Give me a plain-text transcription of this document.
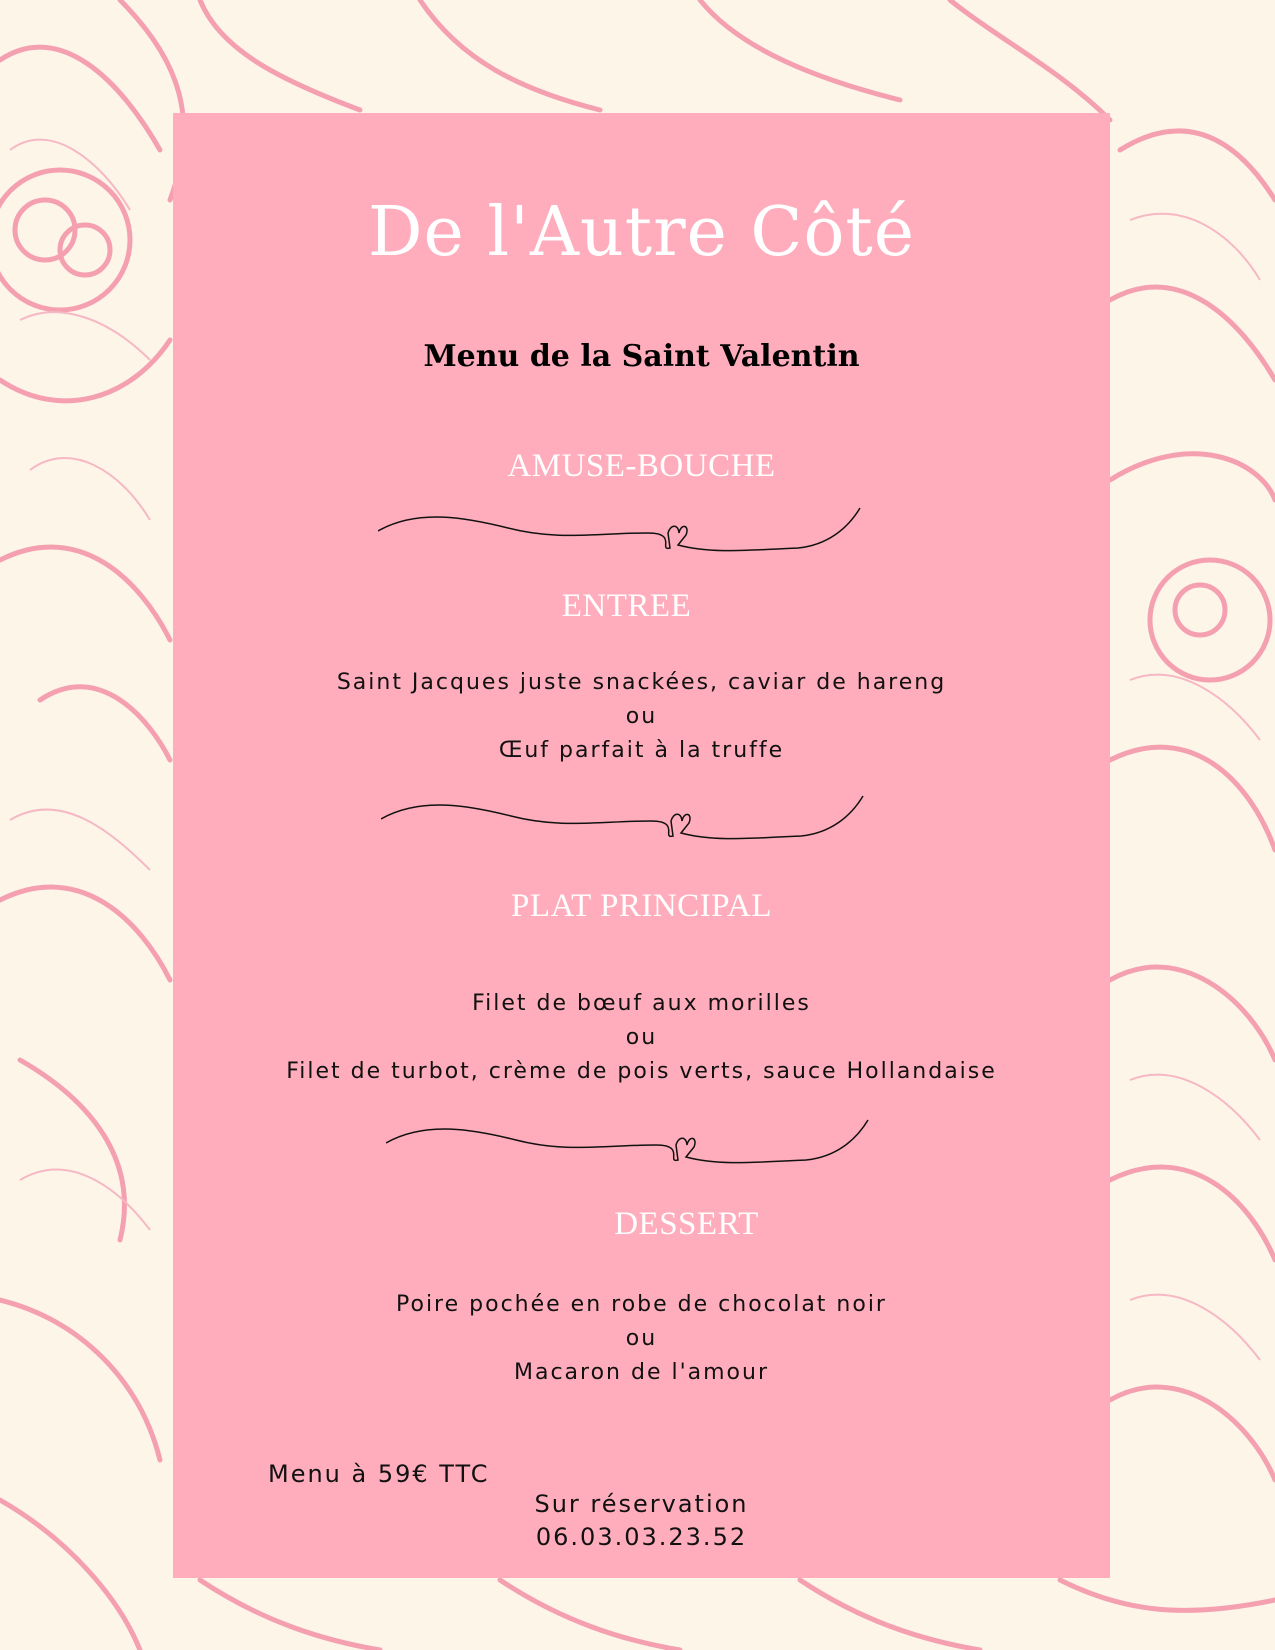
De l'Autre Côté
Menu de la Saint Valentin
AMUSE-BOUCHE
ENTREE
Saint Jacques juste snackées, caviar de hareng
ou
Œuf parfait à la truffe
PLAT PRINCIPAL
Filet de bœuf aux morilles
ou
Filet de turbot, crème de pois verts, sauce Hollandaise
DESSERT
Poire pochée en robe de chocolat noir
ou
Macaron de l'amour
Menu à 59€ TTC
Sur réservation
06.03.03.23.52
